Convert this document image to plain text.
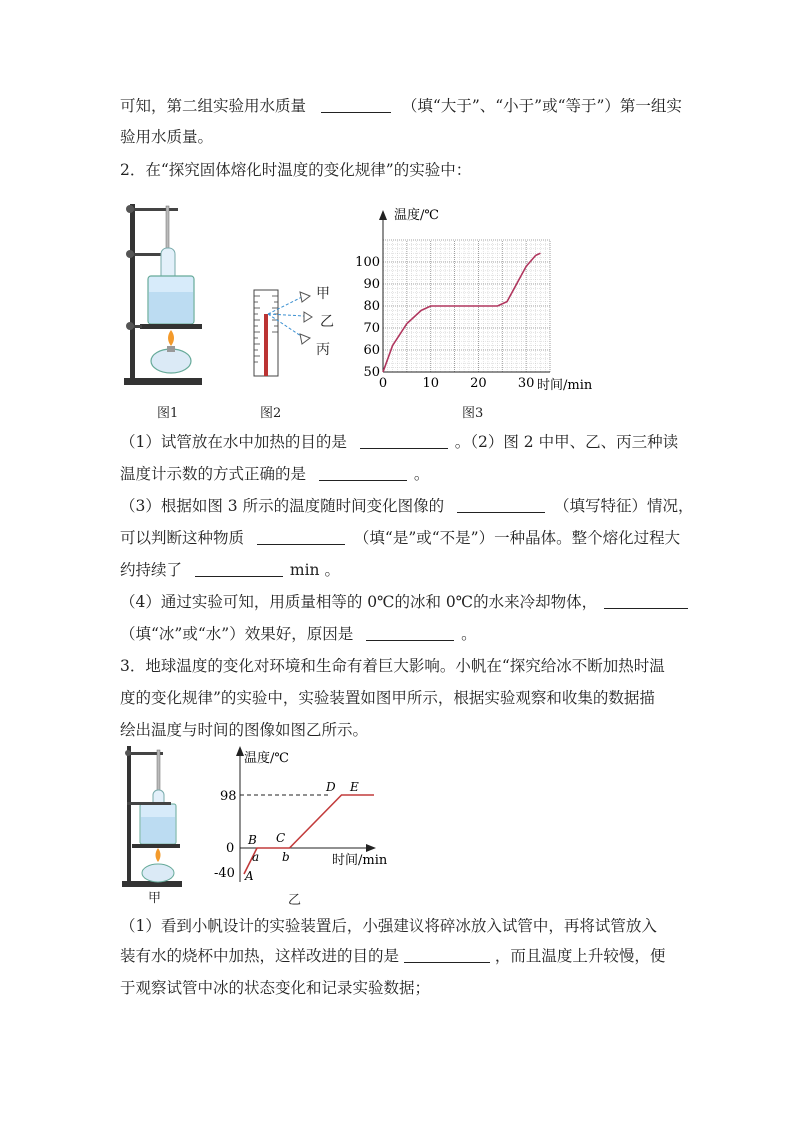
可知，第二组实验用水质量	（填“大于”、“小于”或“等于”）第一组实
验用水质量。
2．在“探究固体熔化时温度的变化规律”的实验中：
图1
甲
乙
丙
图2
0	10 20 30
50
60
70
80
90
100
温度/℃
时间/min
图3
（1）试管放在水中加热的目的是	。（2）图 2 中甲、乙、丙三种读
温度计示数的方式正确的是	。
（3）根据如图 3 所示的温度随时间变化图像的	（填写特征）情况，
可以判断这种物质	（填“是”或“不是”）一种晶体。整个熔化过程大
约持续了	min 。
（4）通过实验可知，用质量相等的 0℃的冰和 0℃的水来冷却物体，
（填“冰”或“水”）效果好，原因是	。
3．地球温度的变化对环境和生命有着巨大影响。小帆在“探究给冰不断加热时温
度的变化规律”的实验中，实验装置如图甲所示，根据实验观察和收集的数据描
绘出温度与时间的图像如图乙所示。
甲
温度/℃
时间/min
98
0
-40 A
B C
D E
a b
乙
（1）看到小帆设计的实验装置后，小强建议将碎冰放入试管中，再将试管放入
装有水的烧杯中加热，这样改进的目的是	，而且温度上升较慢，便
于观察试管中冰的状态变化和记录实验数据；
